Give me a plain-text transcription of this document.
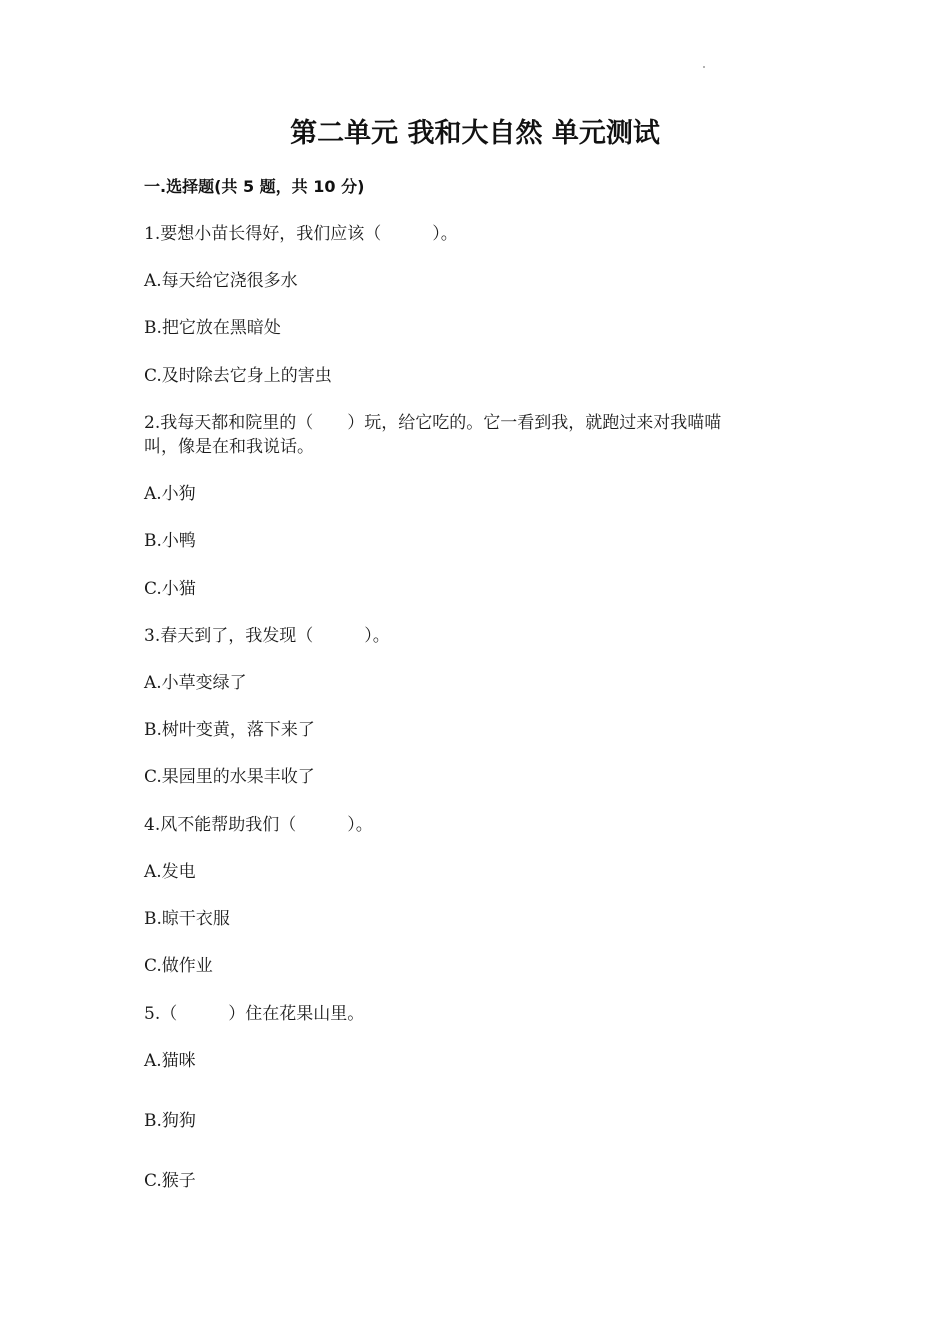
第二单元 我和大自然 单元测试
一.选择题(共 5 题，共 10 分)
1.要想小苗长得好，我们应该（　　　）。
A.每天给它浇很多水
B.把它放在黑暗处
C.及时除去它身上的害虫
2.我每天都和院里的（　　）玩，给它吃的。它一看到我，就跑过来对我喵喵
叫，像是在和我说话。
A.小狗
B.小鸭
C.小猫
3.春天到了，我发现（　　　）。
A.小草变绿了
B.树叶变黄，落下来了
C.果园里的水果丰收了
4.风不能帮助我们（　　　）。
A.发电
B.晾干衣服
C.做作业
5.（　　　）住在花果山里。
A.猫咪
B.狗狗
C.猴子
